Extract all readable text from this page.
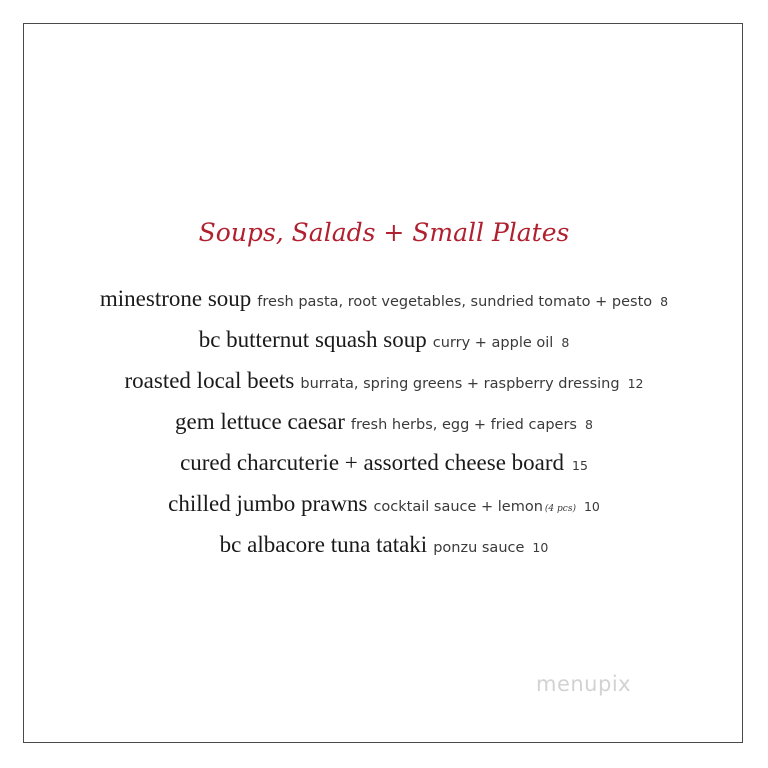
Soups, Salads + Small Plates
minestrone soup fresh pasta, root vegetables, sundried tomato + pesto 8
bc butternut squash soup curry + apple oil 8
roasted local beets burrata, spring greens + raspberry dressing 12
gem lettuce caesar fresh herbs, egg + fried capers 8
cured charcuterie + assorted cheese board 15
chilled jumbo prawns cocktail sauce + lemon (4 pcs) 10
bc albacore tuna tataki ponzu sauce 10
menupix
